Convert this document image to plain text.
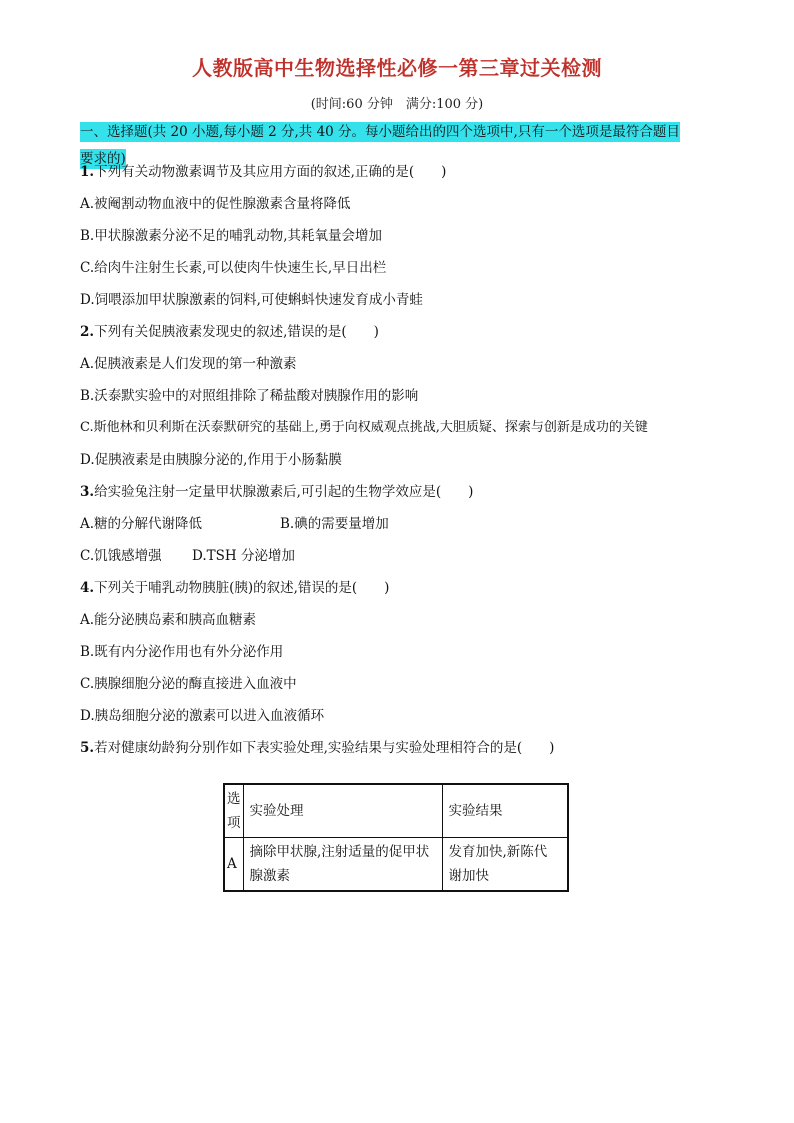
人教版高中生物选择性必修一第三章过关检测
(时间:60 分钟　满分:100 分)
一、选择题(共 20 小题,每小题 2 分,共 40 分。每小题给出的四个选项中,只有一个选项是最符合题目
要求的)
1.下列有关动物激素调节及其应用方面的叙述,正确的是(　　)
A.被阉割动物血液中的促性腺激素含量将降低
B.甲状腺激素分泌不足的哺乳动物,其耗氧量会增加
C.给肉牛注射生长素,可以使肉牛快速生长,早日出栏
D.饲喂添加甲状腺激素的饲料,可使蝌蚪快速发育成小青蛙
2.下列有关促胰液素发现史的叙述,错误的是(　　)
A.促胰液素是人们发现的第一种激素
B.沃泰默实验中的对照组排除了稀盐酸对胰腺作用的影响
C.斯他林和贝利斯在沃泰默研究的基础上,勇于向权威观点挑战,大胆质疑、探索与创新是成功的关键
D.促胰液素是由胰腺分泌的,作用于小肠黏膜
3.给实验兔注射一定量甲状腺激素后,可引起的生物学效应是(　　)
A.糖的分解代谢降低	B.碘的需要量增加
C.饥饿感增强 D.TSH 分泌增加
4.下列关于哺乳动物胰脏(胰)的叙述,错误的是(　　)
A.能分泌胰岛素和胰高血糖素
B.既有内分泌作用也有外分泌作用
C.胰腺细胞分泌的酶直接进入血液中
D.胰岛细胞分泌的激素可以进入血液循环
5.若对健康幼龄狗分别作如下表实验处理,实验结果与实验处理相符合的是(　　)
选项	实验处理	实验结果
A	摘除甲状腺,注射适量的促甲状腺激素	发育加快,新陈代谢加快
